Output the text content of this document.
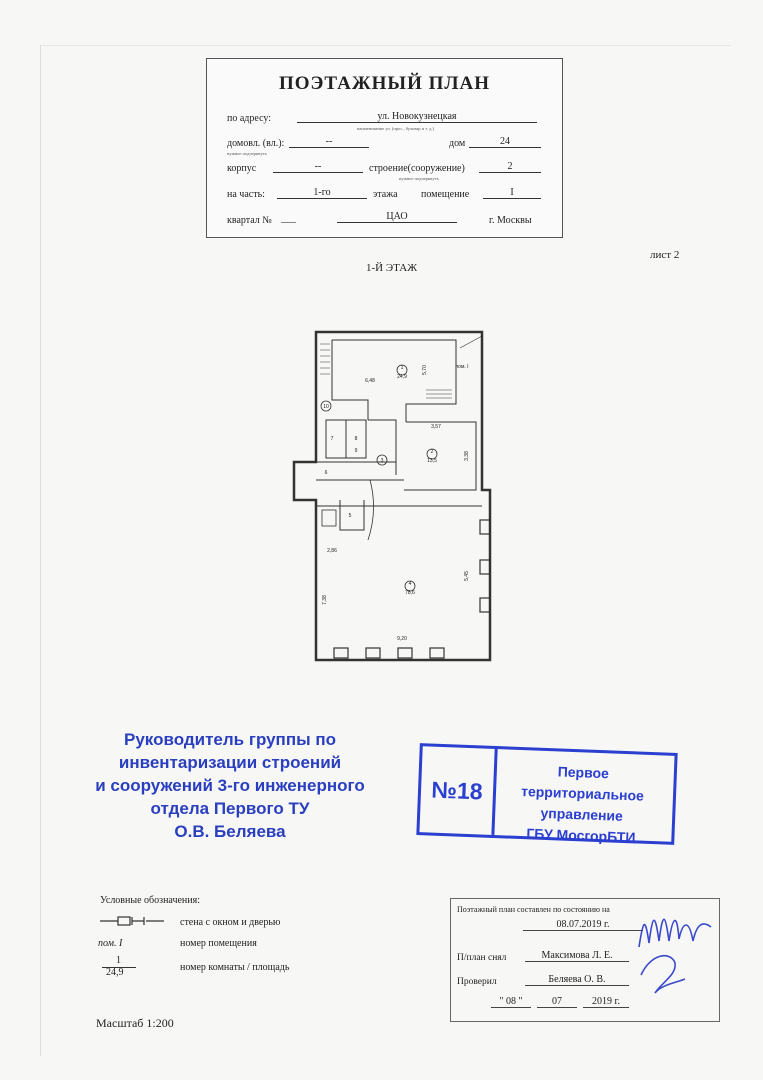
ПОЭТАЖНЫЙ ПЛАН
по адресу:	ул. Новокузнецкая
наименование ул. (прос., бульвар и т. д.)
домовл. (вл.):	--
нужное подчеркнуть
дом	24
корпус	--	строение(сооружение)	2
нужное подчеркнуть
на часть:	1-го	этажа помещение	I
квартал № ___	ЦАО	г. Москвы
1-Й ЭТАЖ
лист 2
1
24,9
2
13,5
3
4
78,6
5
6
7	8
9
10
6,48
5,70
3,57
3,38
2,86
5,45
7,38
9,20
пом. I
Руководитель группы по
инвентаризации строений
и сооружений 3-го инженерного
отдела Первого ТУ
О.В. Беляева
№18
Первое территориальное
управление
ГБУ МосгорБТИ
Условные обозначения:
стена с окном и дверью
пом. I	номер помещения
1
24,9	номер комнаты / площадь
Масштаб 1:200
Поэтажный план составлен по состоянию на
08.07.2019 г.
П/план снял	Максимова Л. Е.
Проверил	Беляева О. В.
" 08 "	07	2019 г.
